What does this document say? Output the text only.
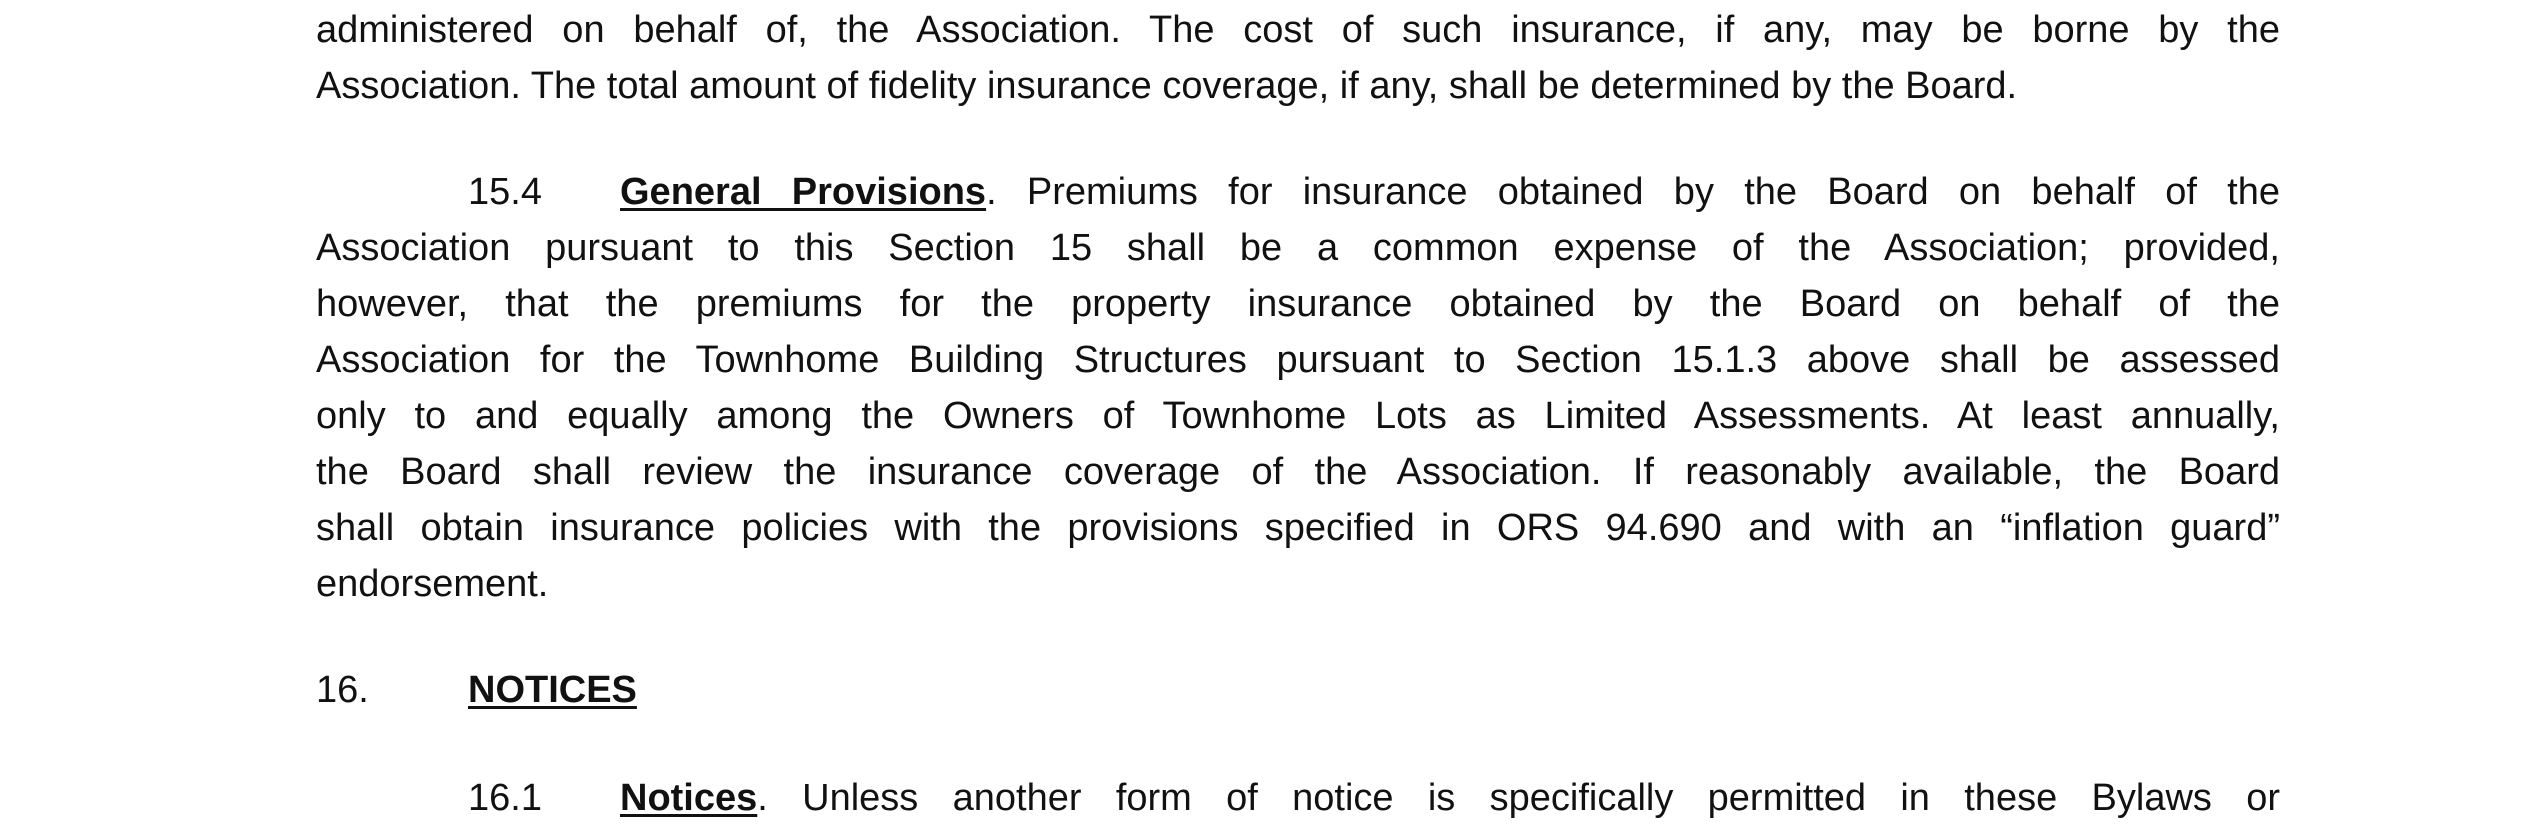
administered on behalf of, the Association. The cost of such insurance, if any, may be borne by the
Association. The total amount of fidelity insurance coverage, if any, shall be determined by the Board.
15.4 General Provisions. Premiums for insurance obtained by the Board on behalf of the
Association pursuant to this Section 15 shall be a common expense of the Association; provided,
however, that the premiums for the property insurance obtained by the Board on behalf of the
Association for the Townhome Building Structures pursuant to Section 15.1.3 above shall be assessed
only to and equally among the Owners of Townhome Lots as Limited Assessments. At least annually,
the Board shall review the insurance coverage of the Association. If reasonably available, the Board
shall obtain insurance policies with the provisions specified in ORS 94.690 and with an “inflation guard”
endorsement.
16.	NOTICES
16.1 Notices. Unless another form of notice is specifically permitted in these Bylaws or
